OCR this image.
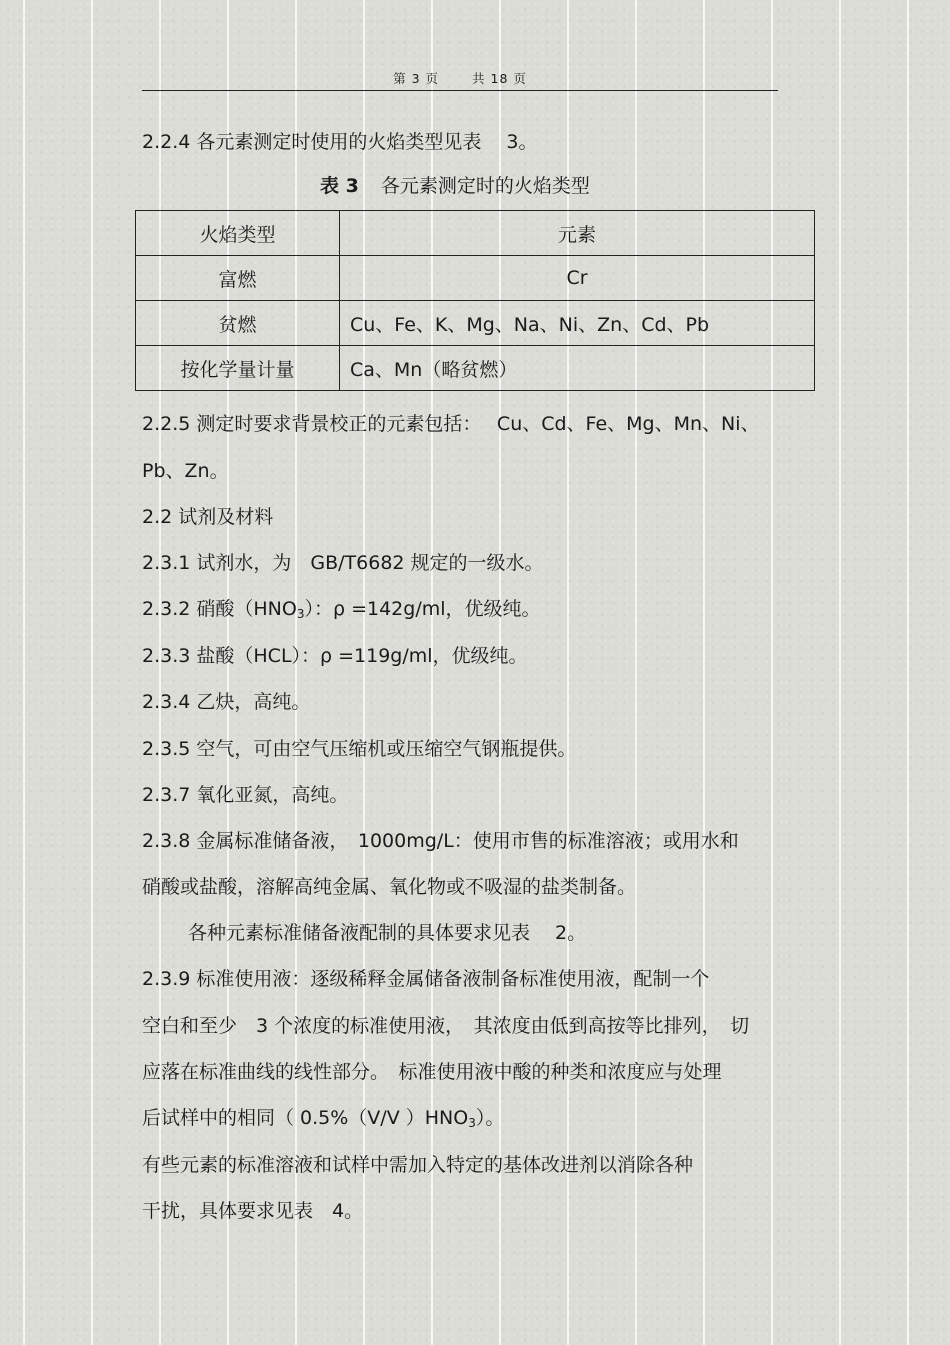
第 3 页	共 18 页
2.2.4 各元素测定时使用的火焰类型见表　 3。
表 3 各元素测定时的火焰类型
火焰类型	元素
富燃	Cr
贫燃	Cu、Fe、K、Mg、Na、Ni、Zn、Cd、Pb
按化学量计量	Ca、Mn（略贫燃）
2.2.5 测定时要求背景校正的元素包括：　 Cu、Cd、Fe、Mg、Mn、Ni、
Pb、Zn。
2.2 试剂及材料
2.3.1 试剂水，为　GB/T6682 规定的一级水。
2.3.2 硝酸$(HNO_3)$：ρ =142g/ml，优级纯。
2.3.3 盐酸（HCL）：ρ =119g/ml，优级纯。
2.3.4 乙炔，高纯。
2.3.5 空气，可由空气压缩机或压缩空气钢瓶提供。
2.3.7 氧化亚氮，高纯。
2.3.8 金属标准储备液，　1000mg/L：使用市售的标准溶液；或用水和
硝酸或盐酸，溶解高纯金属、氧化物或不吸湿的盐类制备。
各种元素标准储备液配制的具体要求见表　 2。
2.3.9 标准使用液：逐级稀释金属储备液制备标准使用液，配制一个
空白和至少　3 个浓度的标准使用液，　其浓度由低到高按等比排列，　切
应落在标准曲线的线性部分。　标准使用液中酸的种类和浓度应与处理
后试样中的相同（ 0.5%（V/V ）$HNO_3$）。
有些元素的标准溶液和试样中需加入特定的基体改进剂以消除各种
干扰，具体要求见表　4。
